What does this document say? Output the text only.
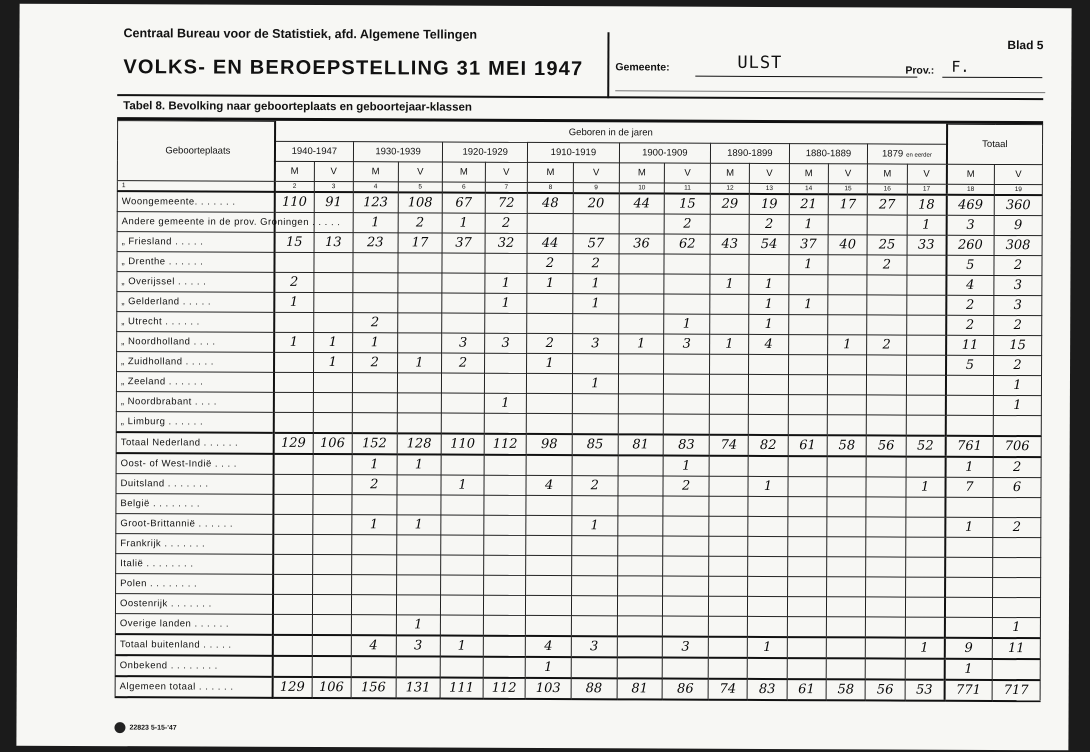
Centraal Bureau voor de Statistiek, afd. Algemene Tellingen
VOLKS- EN BEROEPSTELLING 31 MEI 1947	Gemeente:	ULST	Prov.: F.
Blad 5
Tabel 8. Bevolking naar geboorteplaats en geboortejaar-klassen
Geboorteplaats	Geboren in de jaren																Totaal	
	1940-1947		1930-1939		1920-1929		1910-1919		1900-1909		1890-1899		1880-1889		1879 en eerder			
	M	V	M	V	M	V	M	V	M	V	M	V	M	V	M	V	M	V
1	2	3	4	5	6	7	8	9	10	11	12	13	14	15	16	17	18	19
Woongemeente. . . . . . .	110	91	123	108	67	72	48	20	44	15	29	19	21	17	27	18	469	360
Andere gemeente in de prov. Groningen . . . . .			1	2	1	2				2		2	1			1	3	9
„ Friesland . . . . .	15	13	23	17	37	32	44	57	36	62	43	54	37	40	25	33	260	308
„ Drenthe . . . . . .							2	2					1		2		5	2
„ Overijssel . . . . .	2					1	1	1			1	1					4	3
„ Gelderland . . . . .	1					1		1				1	1				2	3
„ Utrecht . . . . . .			2							1		1					2	2
„ Noordholland . . . .	1	1	1		3	3	2	3	1	3	1	4		1	2		11	15
„ Zuidholland . . . . .		1	2	1	2		1										5	2
„ Zeeland . . . . . .								1										1
„ Noordbrabant . . . .						1												1
„ Limburg . . . . . .																		
Totaal Nederland . . . . . .	129	106	152	128	110	112	98	85	81	83	74	82	61	58	56	52	761	706
Oost- of West-Indië . . . .			1	1						1							1	2
Duitsland . . . . . . .			2		1		4	2		2		1				1	7	6
België . . . . . . . .																		
Groot-Brittannië . . . . . .			1	1				1									1	2
Frankrijk . . . . . . .																		
Italië . . . . . . . .																		
Polen . . . . . . . .																		
Oostenrijk . . . . . . .																		
Overige landen . . . . . .				1														1
Totaal buitenland . . . . .			4	3	1		4	3		3		1				1	9	11
Onbekend . . . . . . . .							1										1	
Algemeen totaal . . . . . .	129	106	156	131	111	112	103	88	81	86	74	83	61	58	56	53	771	717
22823 5-15-'47
